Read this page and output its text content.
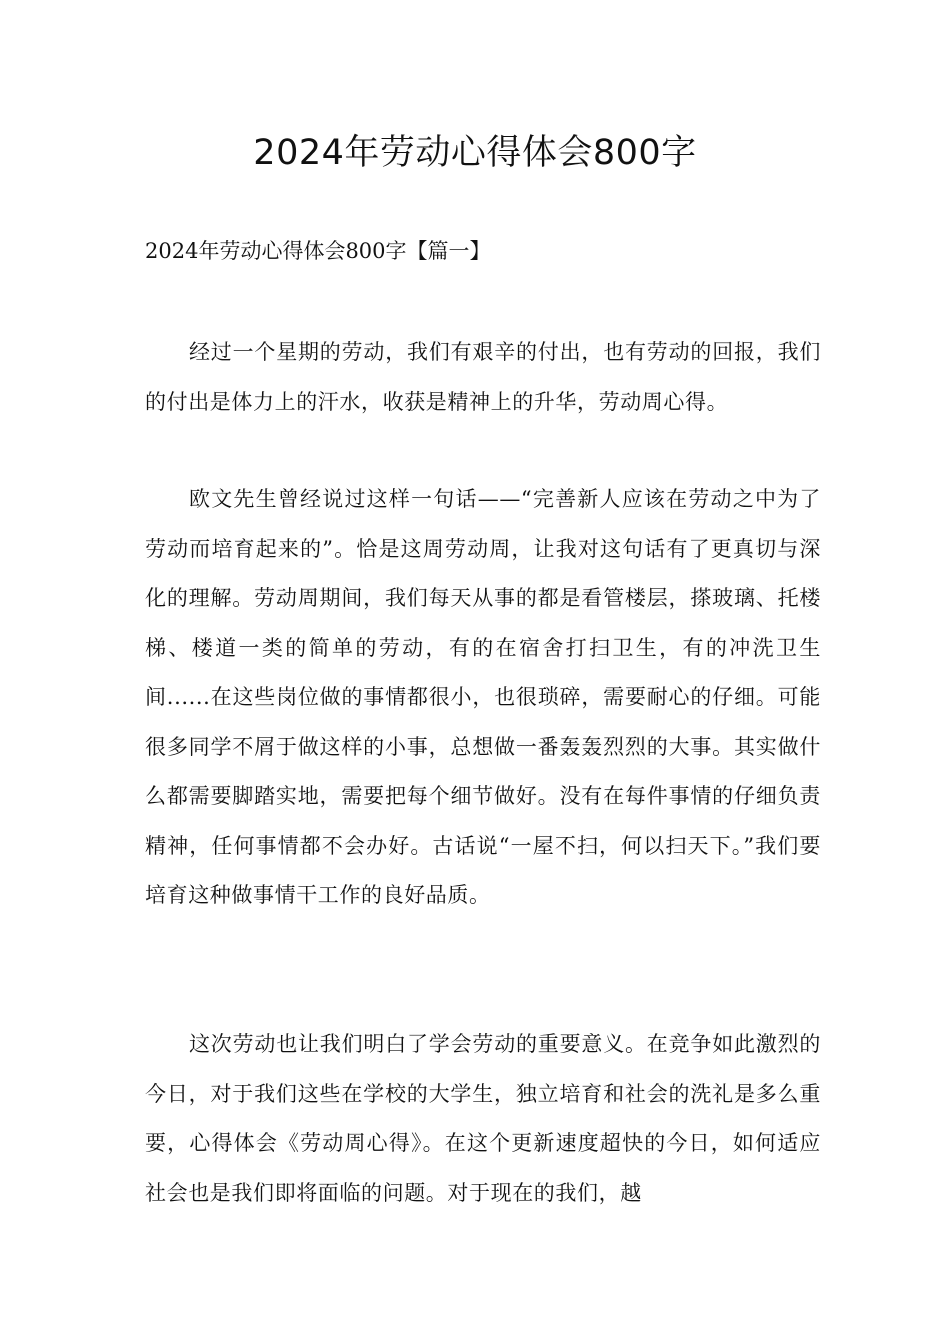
2024年劳动心得体会800字
2024年劳动心得体会800字【篇一】

经过一个星期的劳动，我们有艰辛的付出，也有劳动的回报，我们的付出是体力上的汗水，收获是精神上的升华，劳动周心得。

欧文先生曾经说过这样一句话——“完善新人应该在劳动之中为了劳动而培育起来的”。恰是这周劳动周，让我对这句话有了更真切与深化的理解。劳动周期间，我们每天从事的都是看管楼层，搽玻璃、托楼梯、楼道一类的简单的劳动，有的在宿舍打扫卫生，有的冲洗卫生间......在这些岗位做的事情都很小，也很琐碎，需要耐心的仔细。可能很多同学不屑于做这样的小事，总想做一番轰轰烈烈的大事。其实做什么都需要脚踏实地，需要把每个细节做好。没有在每件事情的仔细负责精神，任何事情都不会办好。古话说“一屋不扫，何以扫天下。”我们要培育这种做事情干工作的良好品质。

这次劳动也让我们明白了学会劳动的重要意义。在竞争如此激烈的今日，对于我们这些在学校的大学生，独立培育和社会的洗礼是多么重要，心得体会《劳动周心得》。在这个更新速度超快的今日，如何适应社会也是我们即将面临的问题。对于现在的我们，越
